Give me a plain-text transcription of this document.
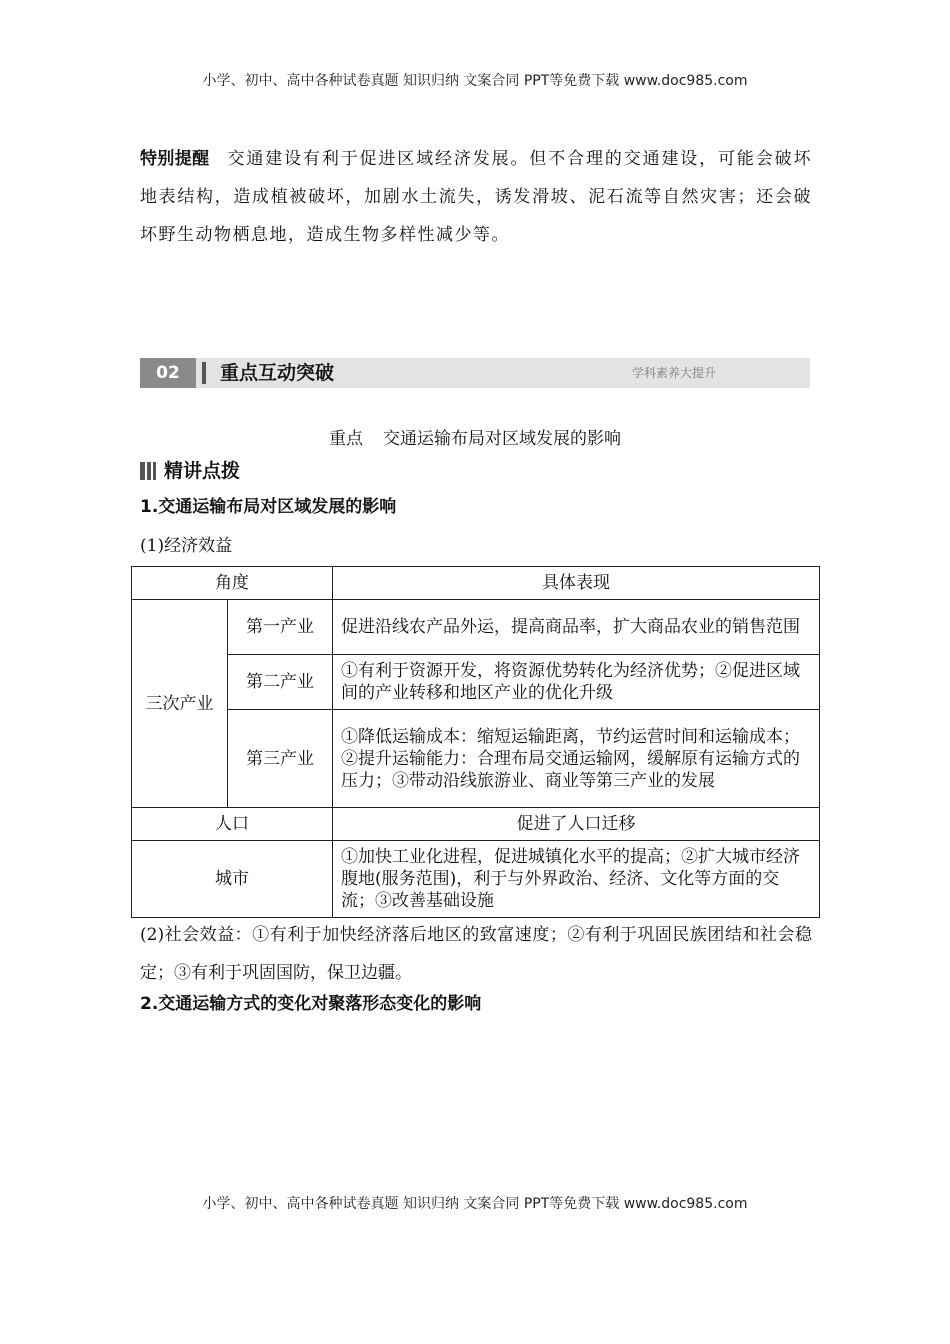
小学、初中、高中各种试卷真题 知识归纳 文案合同 PPT等免费下载 www.doc985.com
特别提醒 交通建设有利于促进区域经济发展。但不合理的交通建设，可能会破坏地表结构，造成植被破坏，加剧水土流失，诱发滑坡、泥石流等自然灾害；还会破坏野生动物栖息地，造成生物多样性减少等。
02	重点互动突破	学科素养大提升
重点 交通运输布局对区域发展的影响
精讲点拨
1.交通运输布局对区域发展的影响
(1)经济效益
角度		具体表现
三次产业	第一产业	促进沿线农产品外运，提高商品率，扩大商品农业的销售范围
	第二产业	①有利于资源开发，将资源优势转化为经济优势；②促进区域间的产业转移和地区产业的优化升级
	第三产业	①降低运输成本：缩短运输距离，节约运营时间和运输成本；②提升运输能力：合理布局交通运输网，缓解原有运输方式的压力；③带动沿线旅游业、商业等第三产业的发展
人口		促进了人口迁移
城市		①加快工业化进程，促进城镇化水平的提高；②扩大城市经济腹地(服务范围)，利于与外界政治、经济、文化等方面的交流；③改善基础设施
(2)社会效益：①有利于加快经济落后地区的致富速度；②有利于巩固民族团结和社会稳定；③有利于巩固国防，保卫边疆。
2.交通运输方式的变化对聚落形态变化的影响
小学、初中、高中各种试卷真题 知识归纳 文案合同 PPT等免费下载 www.doc985.com
